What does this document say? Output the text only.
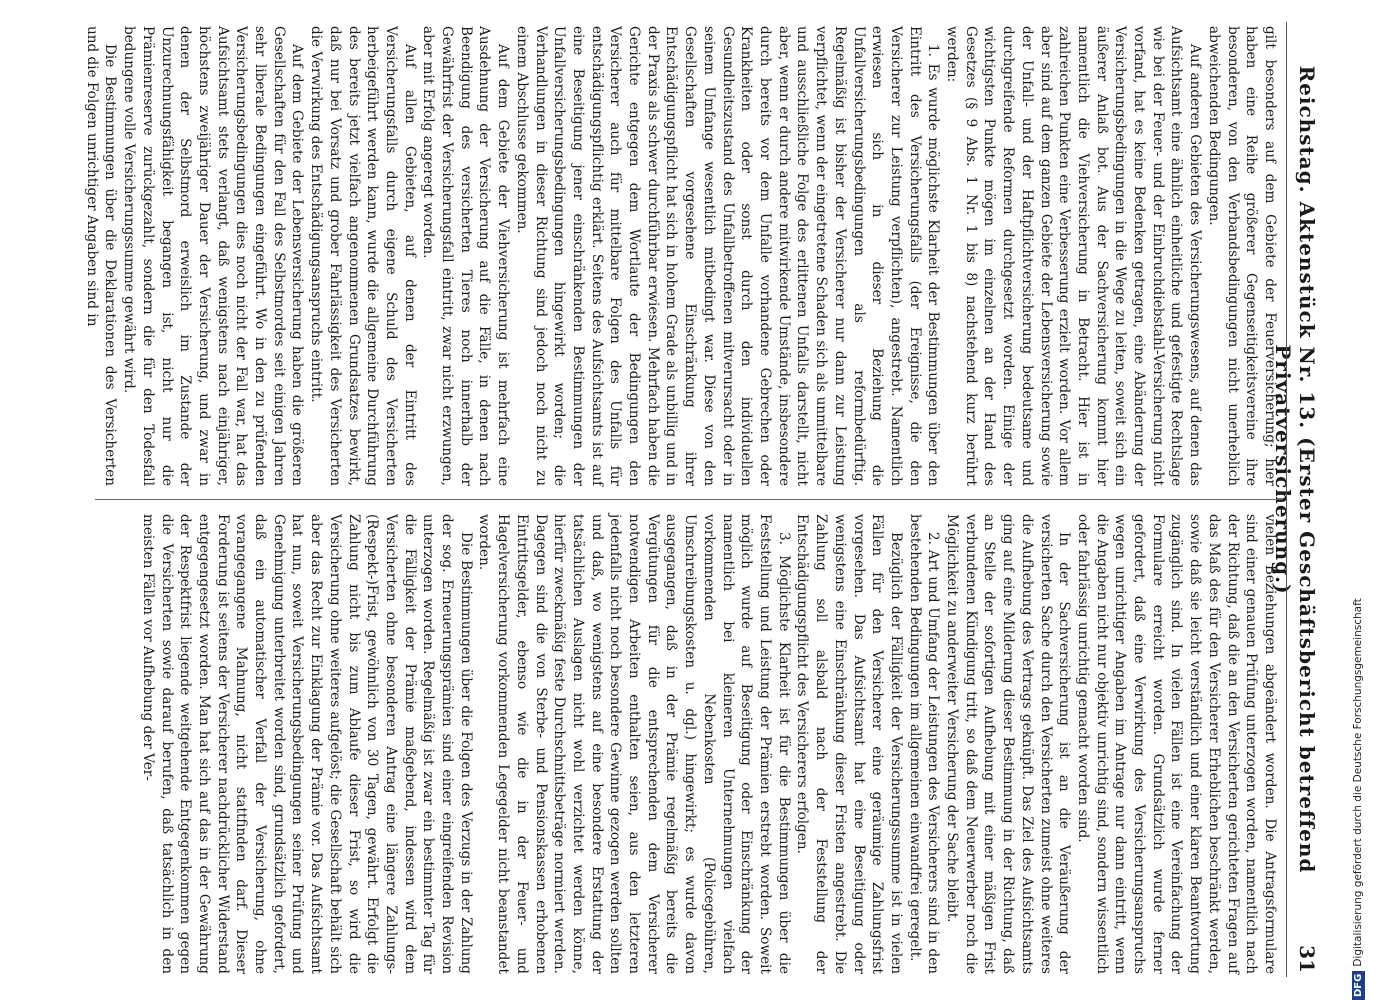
Reichstag. Aktenstück Nr. 13. (Erster Geschäftsbericht betreffend Privatversicherung.)
31

gilt besonders auf dem Gebiete der Feuerversicherung; hier haben eine Reihe größerer Gegenseitigkeitsvereine ihre besonderen, von den Verbandsbedingungen nicht unerheblich abweichenden Bedingungen.

Auf anderen Gebieten des Versicherungswesens, auf denen das Aufsichtsamt eine ähnlich einheitliche und gefestigte Rechtslage wie bei der Feuer- und der Einbruchdiebstahl-Versicherung nicht vorfand, hat es keine Bedenken getragen, eine Abänderung der Versicherungsbedingungen in die Wege zu leiten, soweit sich ein äußerer Anlaß bot. Aus der Sachversicherung kommt hier namentlich die Viehversicherung in Betracht. Hier ist in zahlreichen Punkten eine Verbesserung erzielt worden. Vor allem aber sind auf dem ganzen Gebiete der Lebensversicherung sowie der Unfall- und der Haftpflichtversicherung bedeutsame und durchgreifende Reformen durchgesetzt worden. Einige der wichtigsten Punkte mögen im einzelnen an der Hand des Gesetzes (§ 9 Abs. 1 Nr. 1 bis 8) nachstehend kurz berührt werden:

1. Es wurde möglichste Klarheit der Bestimmungen über den Eintritt des Versicherungsfalls (der Ereignisse, die den Versicherer zur Leistung verpflichten), angestrebt. Namentlich erwiesen sich in dieser Beziehung die Unfallversicherungsbedingungen als reformbedürftig. Regelmäßig ist bisher der Versicherer nur dann zur Leistung verpflichtet, wenn der eingetretene Schaden sich als unmittelbare und ausschließliche Folge des erlittenen Unfalls darstellt, nicht aber, wenn er durch andere mitwirkende Umstände, insbesondere durch bereits vor dem Unfalle vorhandene Gebrechen oder Krankheiten oder sonst durch den individuellen Gesundheitszustand des Unfallbetroffenen mitverursacht oder in seinem Umfange wesentlich mitbedingt war. Diese von den Gesellschaften vorgesehene Einschränkung ihrer Entschädigungspflicht hat sich in hohem Grade als unbillig und in der Praxis als schwer durchführbar erwiesen. Mehrfach haben die Gerichte entgegen dem Wortlaute der Bedingungen den Versicherer auch für mittelbare Folgen des Unfalls für entschädigungspflichtig erklärt. Seitens des Aufsichtsamts ist auf eine Beseitigung jener einschränkenden Bestimmungen der Unfallversicherungsbedingungen hingewirkt worden; die Verhandlungen in dieser Richtung sind jedoch noch nicht zu einem Abschlusse gekommen.

Auf dem Gebiete der Viehversicherung ist mehrfach eine Ausdehnung der Versicherung auf die Fälle, in denen nach Beendigung des versicherten Tieres noch innerhalb der Gewährfrist der Versicherungsfall eintritt, zwar nicht erzwungen, aber mit Erfolg angeregt worden.

Auf allen Gebieten, auf denen der Eintritt des Versicherungsfalls durch eigene Schuld des Versicherten herbeigeführt werden kann, wurde die allgemeine Durchführung des bereits jetzt vielfach angenommenen Grundsatzes bewirkt, daß nur bei Vorsatz und grober Fahrlässigkeit des Versicherten die Verwirkung des Entschädigungsanspruchs eintritt.

Auf dem Gebiete der Lebensversicherung haben die größeren Gesellschaften für den Fall des Selbstmordes seit einigen Jahren sehr liberale Bedingungen eingeführt. Wo in den zu prüfenden Versicherungsbedingungen dies noch nicht der Fall war, hat das Aufsichtsamt stets verlangt, daß wenigstens nach einjähriger, höchstens zweijähriger Dauer der Versicherung, und zwar in denen der Selbstmord erweislich im Zustande der Unzurechnungsfähigkeit begangen ist, nicht nur die Prämienreserve zurückgezahlt, sondern die für den Todesfall bedungene volle Versicherungssumme gewährt wird.

Die Bestimmungen über die Deklarationen des Versicherten und die Folgen unrichtiger Angaben sind in

vielen Beziehungen abgeändert worden. Die Antragsformulare sind einer genauen Prüfung unterzogen worden, namentlich nach der Richtung, daß die an den Versicherten gerichteten Fragen auf das Maß des für den Versicherer Erheblichen beschränkt werden, sowie daß sie leicht verständlich und einer klaren Beantwortung zugänglich sind. In vielen Fällen ist eine Vereinfachung der Formulare erreicht worden. Grundsätzlich wurde ferner gefordert, daß eine Verwirkung des Versicherungsanspruchs wegen unrichtiger Angaben im Antrage nur dann eintritt, wenn die Angaben nicht nur objektiv unrichtig sind, sondern wissentlich oder fahrlässig unrichtig gemacht worden sind.

In der Sachversicherung ist an die Veräußerung der versicherten Sache durch den Versicherten zumeist ohne weiteres die Aufhebung des Vertrags geknüpft. Das Ziel des Aufsichtsamts ging auf eine Milderung dieser Bestimmung in der Richtung, daß an Stelle der sofortigen Aufhebung mit einer mäßigen Frist verbundenen Kündigung tritt, so daß dem Neuerwerber noch die Möglichkeit zu anderweiter Versicherung der Sache bleibt.

2. Art und Umfang der Leistungen des Versicherers sind in den bestehenden Bedingungen im allgemeinen einwandfrei geregelt.

Bezüglich der Fälligkeit der Versicherungssumme ist in vielen Fällen für den Versicherer eine geräumige Zahlungsfrist vorgesehen. Das Aufsichtsamt hat eine Beseitigung oder wenigstens eine Einschränkung dieser Fristen angestrebt. Die Zahlung soll alsbald nach der Feststellung der Entschädigungspflicht des Versicherers erfolgen.

3. Möglichste Klarheit ist für die Bestimmungen über die Feststellung und Leistung der Prämien erstrebt worden. Soweit möglich wurde auf Beseitigung oder Einschränkung der namentlich bei kleineren Unternehmungen vielfach vorkommenden Nebenkosten (Policegebühren, Umschreibungskosten u. dgl.) hingewirkt; es wurde davon ausgegangen, daß in der Prämie regelmäßig bereits die Vergütungen für die entsprechenden dem Versicherer notwendigen Arbeiten enthalten seien, aus den letzteren jedenfalls nicht noch besondere Gewinne gezogen werden sollten und daß, wo wenigstens auf eine besondere Erstattung der tatsächlichen Auslagen nicht wohl verzichtet werden könne, hierfür zweckmäßig feste Durchschnittsbeträge normiert werden. Dagegen sind die von Sterbe- und Pensionskassen erhobenen Eintrittsgelder, ebenso wie die in der Feuer- und Hagelversicherung vorkommenden Legegelder nicht beanstandet worden.

Die Bestimmungen über die Folgen des Verzugs in der Zahlung der sog. Erneuerungsprämien sind einer eingreifenden Revision unterzogen worden. Regelmäßig ist zwar ein bestimmter Tag für die Fälligkeit der Prämie maßgebend, indessen wird dem Versicherten ohne besonderen Antrag eine längere Zahlungs-(Respekt-)Frist, gewöhnlich von 30 Tagen, gewährt. Erfolgt die Zahlung nicht bis zum Ablaufe dieser Frist, so wird die Versicherung ohne weiteres aufgelöst; die Gesellschaft behält sich aber das Recht zur Einklagung der Prämie vor. Das Aufsichtsamt hat nun, soweit Versicherungsbedingungen seiner Prüfung und Genehmigung unterbreitet worden sind, grundsätzlich gefordert, daß ein automatischer Verfall der Versicherung, ohne vorangegangene Mahnung, nicht stattfinden darf. Dieser Forderung ist seitens der Versicherer nachdrücklicher Widerstand entgegengesetzt worden. Man hat sich auf das in der Gewährung der Respektfrist liegende weitgehende Entgegenkommen gegen die Versicherten sowie darauf berufen, daß tatsächlich in den meisten Fällen vor Aufhebung der Ver-

DFGDigitalisierung gefördert durch die Deutsche Forschungsgemeinschaft
